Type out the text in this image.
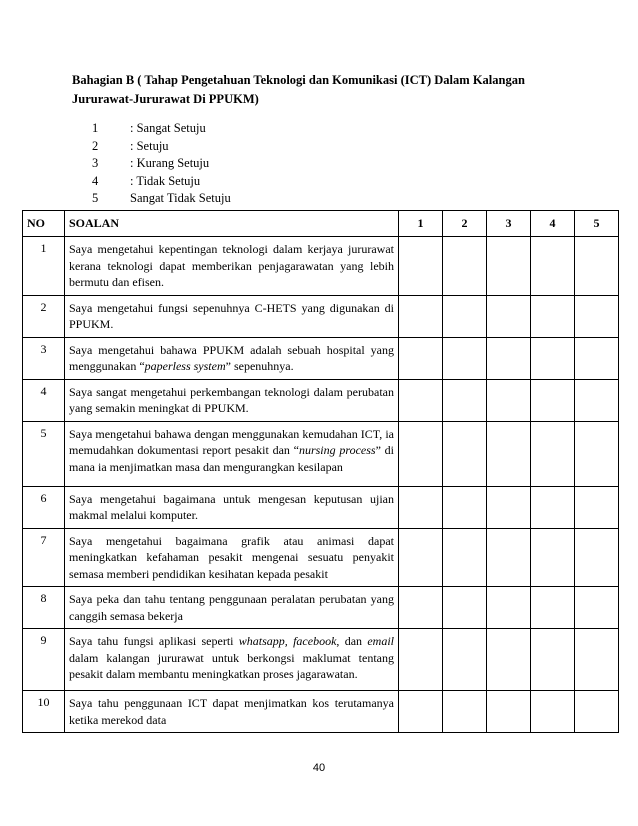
Bahagian B ( Tahap Pengetahuan Teknologi dan Komunikasi (ICT) Dalam Kalangan
Jururawat-Jururawat Di PPUKM)
1	: Sangat Setuju
2	: Setuju
3	: Kurang Setuju
4	: Tidak Setuju
5	Sangat Tidak Setuju
NO	SOALAN	1	2	3	4	5
1	Saya mengetahui kepentingan teknologi dalam kerjaya jururawat kerana teknologi dapat memberikan penjagarawatan yang lebih bermutu dan efisen.					
2	Saya mengetahui fungsi sepenuhnya C-HETS yang digunakan di PPUKM.					
3	Saya mengetahui bahawa PPUKM adalah sebuah hospital yang menggunakan “paperless system” sepenuhnya.					
4	Saya sangat mengetahui perkembangan teknologi dalam perubatan yang semakin meningkat di PPUKM.					
5	Saya mengetahui bahawa dengan menggunakan kemudahan ICT, ia memudahkan dokumentasi report pesakit dan “nursing process” di mana ia menjimatkan masa dan mengurangkan kesilapan					
6	Saya mengetahui bagaimana untuk mengesan keputusan ujian makmal melalui komputer.					
7	Saya mengetahui bagaimana grafik atau animasi dapat meningkatkan kefahaman pesakit mengenai sesuatu penyakit semasa memberi pendidikan kesihatan kepada pesakit					
8	Saya peka dan tahu tentang penggunaan peralatan perubatan yang canggih semasa bekerja					
9	Saya tahu fungsi aplikasi seperti whatsapp, facebook, dan email dalam kalangan jururawat untuk berkongsi maklumat tentang pesakit dalam membantu meningkatkan proses jagarawatan.					
10	Saya tahu penggunaan ICT dapat menjimatkan kos terutamanya ketika merekod data					
40
